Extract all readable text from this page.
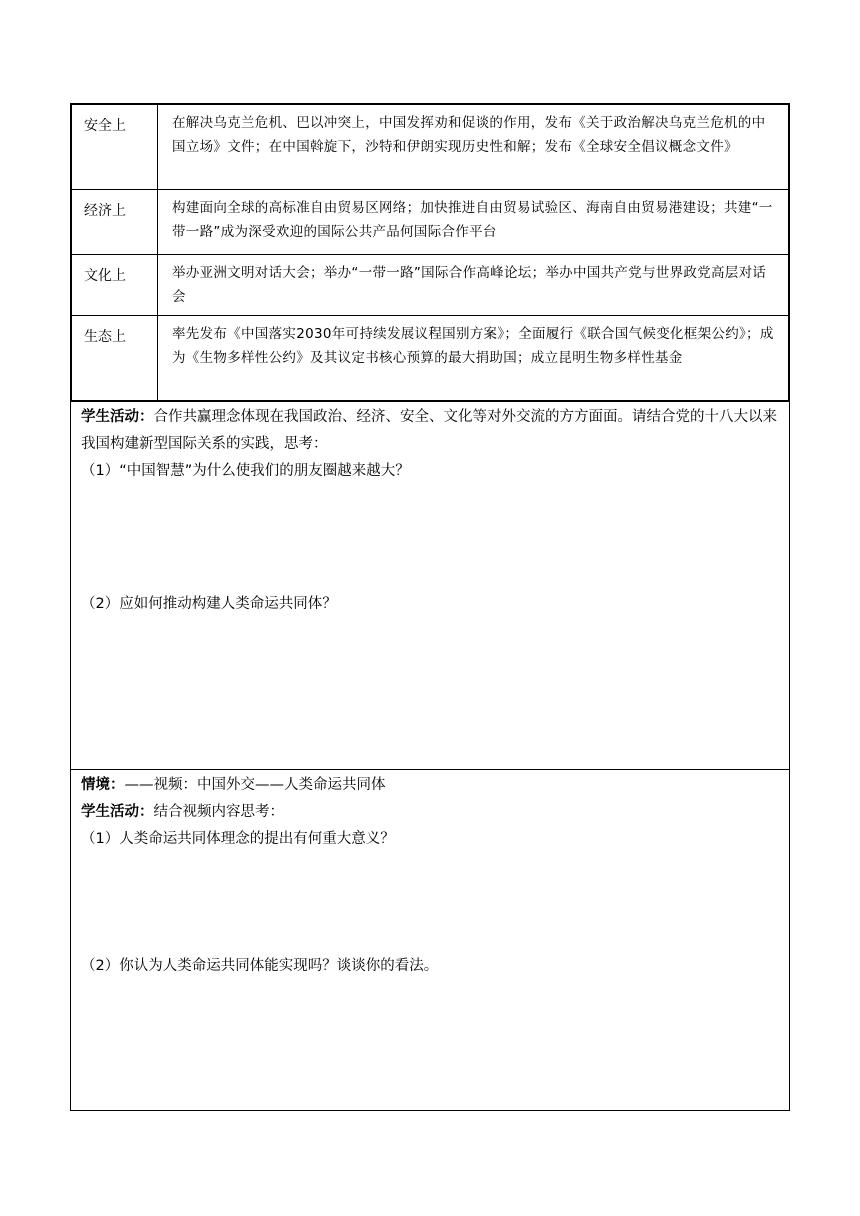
安全上	在解决乌克兰危机、巴以冲突上，中国发挥劝和促谈的作用，发布《关于政治解决乌克兰危机的中国立场》文件；在中国斡旋下，沙特和伊朗实现历史性和解；发布《全球安全倡议概念文件》
经济上	构建面向全球的高标准自由贸易区网络；加快推进自由贸易试验区、海南自由贸易港建设；共建“一带一路”成为深受欢迎的国际公共产品何国际合作平台
文化上	举办亚洲文明对话大会；举办“一带一路”国际合作高峰论坛；举办中国共产党与世界政党高层对话会
生态上	率先发布《中国落实2030年可持续发展议程国别方案》；全面履行《联合国气候变化框架公约》；成为《生物多样性公约》及其议定书核心预算的最大捐助国；成立昆明生物多样性基金
学生活动：合作共赢理念体现在我国政治、经济、安全、文化等对外交流的方方面面。请结合党的十八大以来我国构建新型国际关系的实践，思考：
（1）“中国智慧”为什么使我们的朋友圈越来越大？
（2）应如何推动构建人类命运共同体？
情境：——视频：中国外交——人类命运共同体
学生活动：结合视频内容思考：
（1）人类命运共同体理念的提出有何重大意义？
（2）你认为人类命运共同体能实现吗？谈谈你的看法。
